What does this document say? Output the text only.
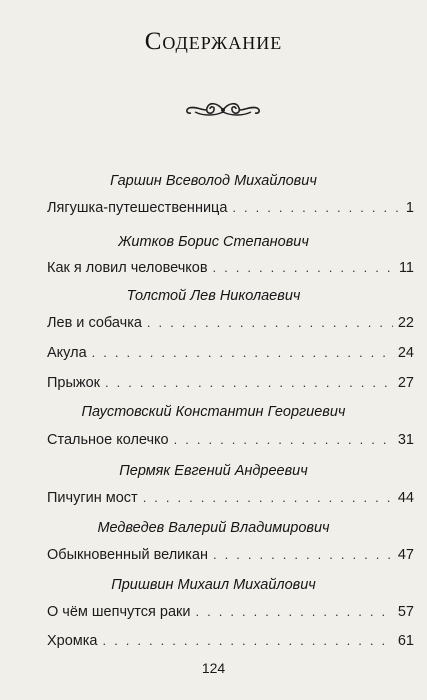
Содержание
Гаршин Всеволод Михайлович
Лягушка-путешественница . . .	1
Житков Борис Степанович
Как я ловил человечков . . .	11
Толстой Лев Николаевич
Лев и собачка . . .	22
Акула . . .	24
Прыжок . . .	27
Паустовский Константин Георгиевич
Стальное колечко . . .	31
Пермяк Евгений Андреевич
Пичугин мост . . .	44
Медведев Валерий Владимирович
Обыкновенный великан . . .	47
Пришвин Михаил Михайлович
О чём шепчутся раки . . .	57
Хромка . . .	61
124
